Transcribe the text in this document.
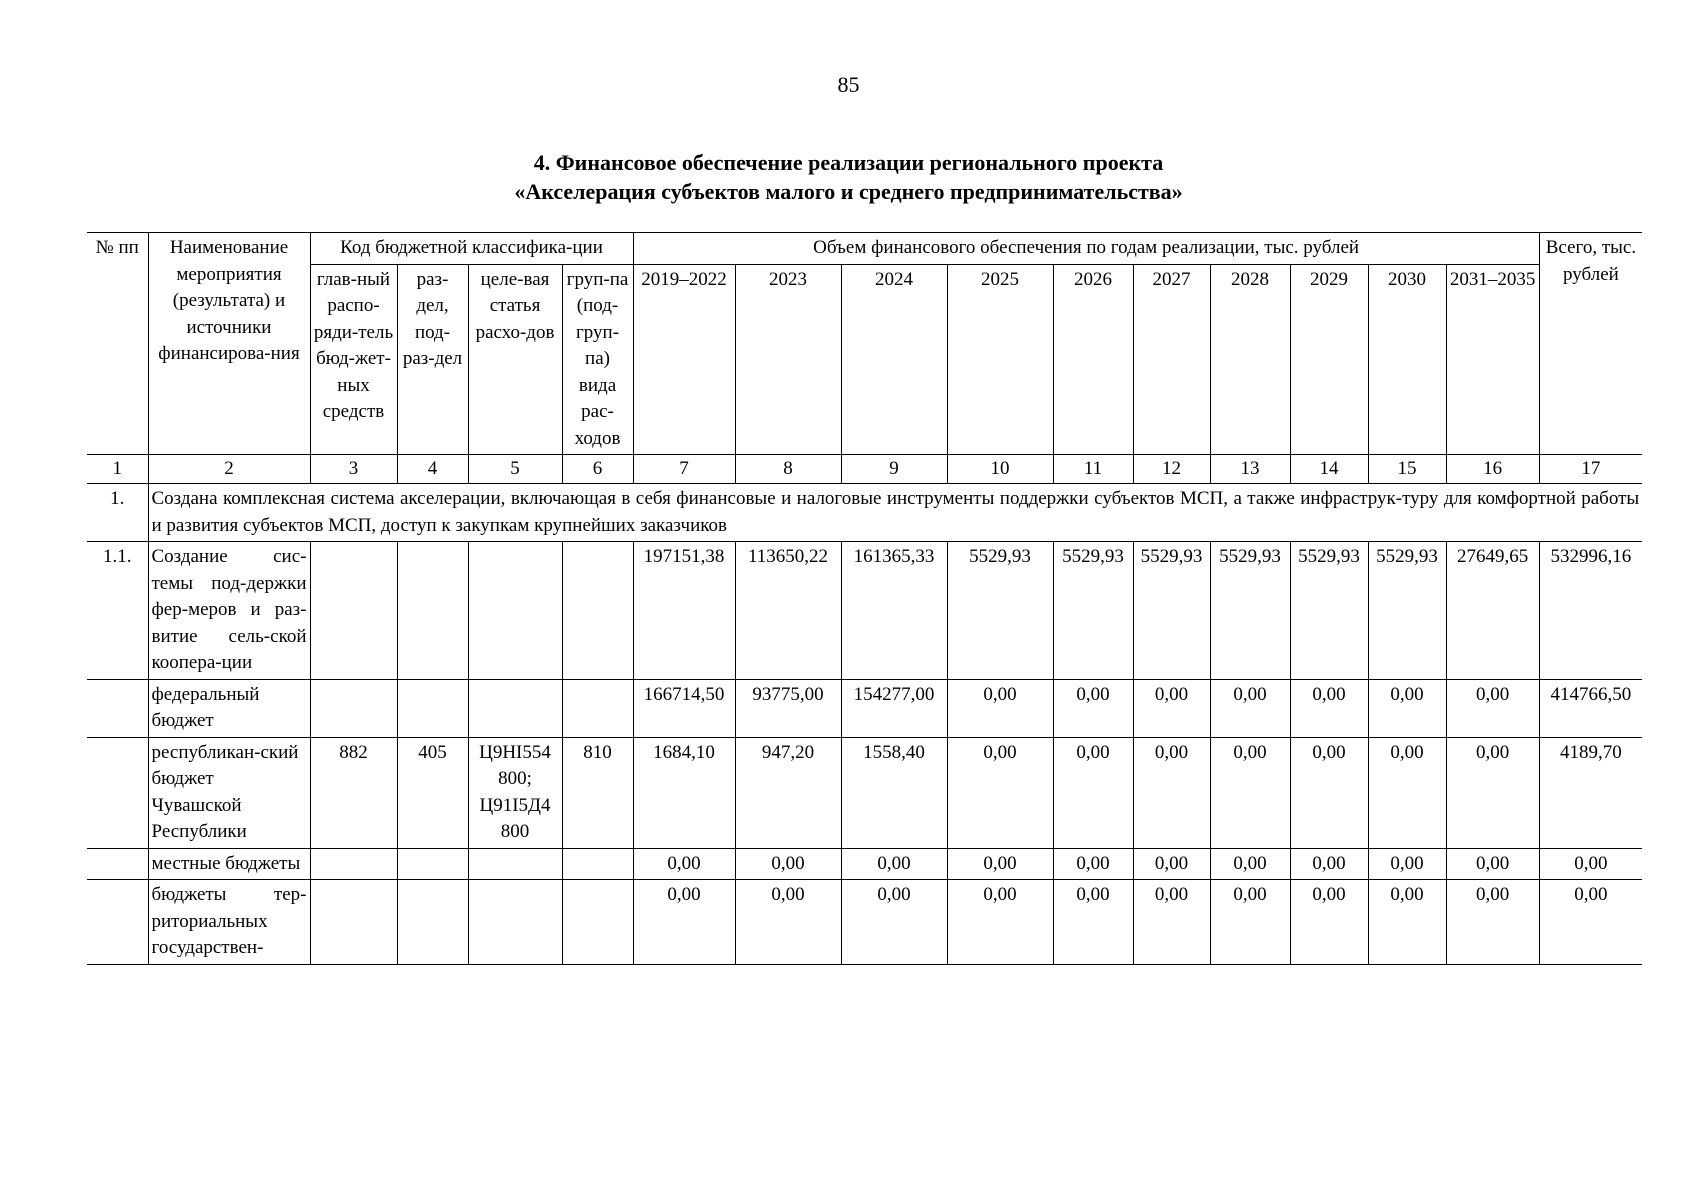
85
4. Финансовое обеспечение реализации регионального проекта
«Акселерация субъектов малого и среднего предпринимательства»
№ пп	Наименование мероприятия (результата) и источники финансирова-ния	Код бюджетной классифика-ции				Объем финансового обеспечения по годам реализации, тыс. рублей										Всего, тыс. рублей
		глав-ный распо-ряди-тель бюд-жет-ных средств	раз-дел, под-раз-дел	целе-вая статья расхо-дов	груп-па (под-груп-па) вида рас-ходов	2019–2022	2023	2024	2025	2026	2027	2028	2029	2030	2031–2035	
1	2	3	4	5	6	7	8	9	10	11	12	13	14	15	16	17
1.	Создана комплексная система акселерации, включающая в себя финансовые и налоговые инструменты поддержки субъектов МСП, а также инфраструк-туру для комфортной работы и развития субъектов МСП, доступ к закупкам крупнейших заказчиков															
1.1.	Создание сис-темы под-держки фер-меров и раз-витие сель-ской коопера-ции					197151,38	113650,22	161365,33	5529,93	5529,93	5529,93	5529,93	5529,93	5529,93	27649,65	532996,16
	федеральный бюджет					166714,50	93775,00	154277,00	0,00	0,00	0,00	0,00	0,00	0,00	0,00	414766,50
	республикан-ский бюджет Чувашской Республики	882	405	Ц9НI554 800; Ц91I5Д4 800	810	1684,10	947,20	1558,40	0,00	0,00	0,00	0,00	0,00	0,00	0,00	4189,70
	местные бюджеты					0,00	0,00	0,00	0,00	0,00	0,00	0,00	0,00	0,00	0,00	0,00
	бюджеты тер-риториальных государствен-					0,00	0,00	0,00	0,00	0,00	0,00	0,00	0,00	0,00	0,00	0,00
